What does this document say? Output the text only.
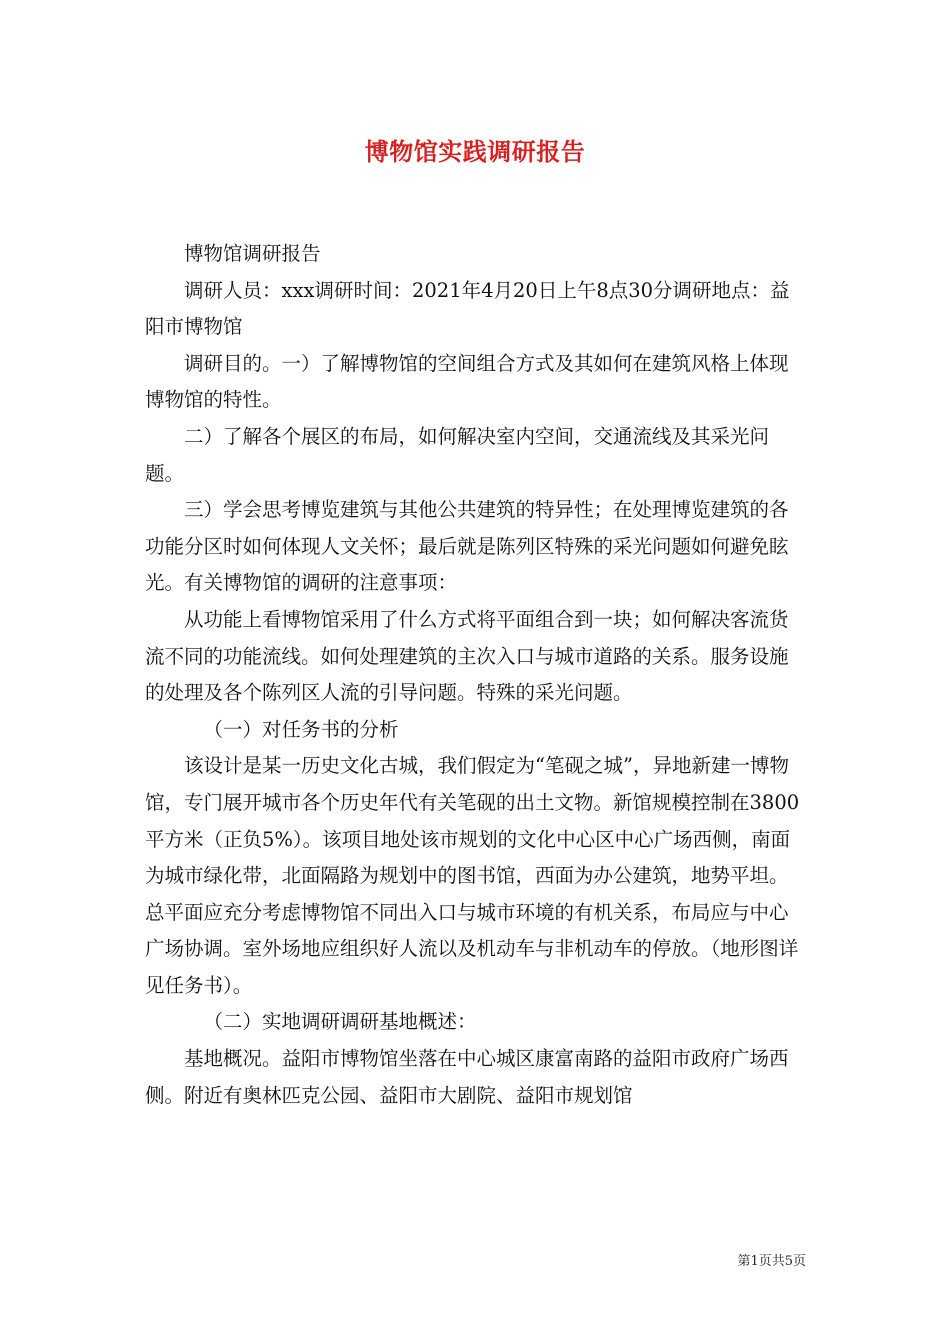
博物馆实践调研报告

博物馆调研报告

调研人员：xxx调研时间：2021年4月20日上午8点30分调研地点：益阳市博物馆

调研目的。一）了解博物馆的空间组合方式及其如何在建筑风格上体现博物馆的特性。

二）了解各个展区的布局，如何解决室内空间，交通流线及其采光问题。

三）学会思考博览建筑与其他公共建筑的特异性；在处理博览建筑的各功能分区时如何体现人文关怀；最后就是陈列区特殊的采光问题如何避免眩光。有关博物馆的调研的注意事项：

从功能上看博物馆采用了什么方式将平面组合到一块；如何解决客流货流不同的功能流线。如何处理建筑的主次入口与城市道路的关系。服务设施的处理及各个陈列区人流的引导问题。特殊的采光问题。

（一）对任务书的分析

该设计是某一历史文化古城，我们假定为“笔砚之城”，异地新建一博物馆，专门展开城市各个历史年代有关笔砚的出土文物。新馆规模控制在3800平方米（正负5%）。该项目地处该市规划的文化中心区中心广场西侧，南面为城市绿化带，北面隔路为规划中的图书馆，西面为办公建筑，地势平坦。总平面应充分考虑博物馆不同出入口与城市环境的有机关系，布局应与中心广场协调。室外场地应组织好人流以及机动车与非机动车的停放。（地形图详见任务书）。

（二）实地调研调研基地概述：

基地概况。益阳市博物馆坐落在中心城区康富南路的益阳市政府广场西侧。附近有奥林匹克公园、益阳市大剧院、益阳市规划馆

第1页共5页
